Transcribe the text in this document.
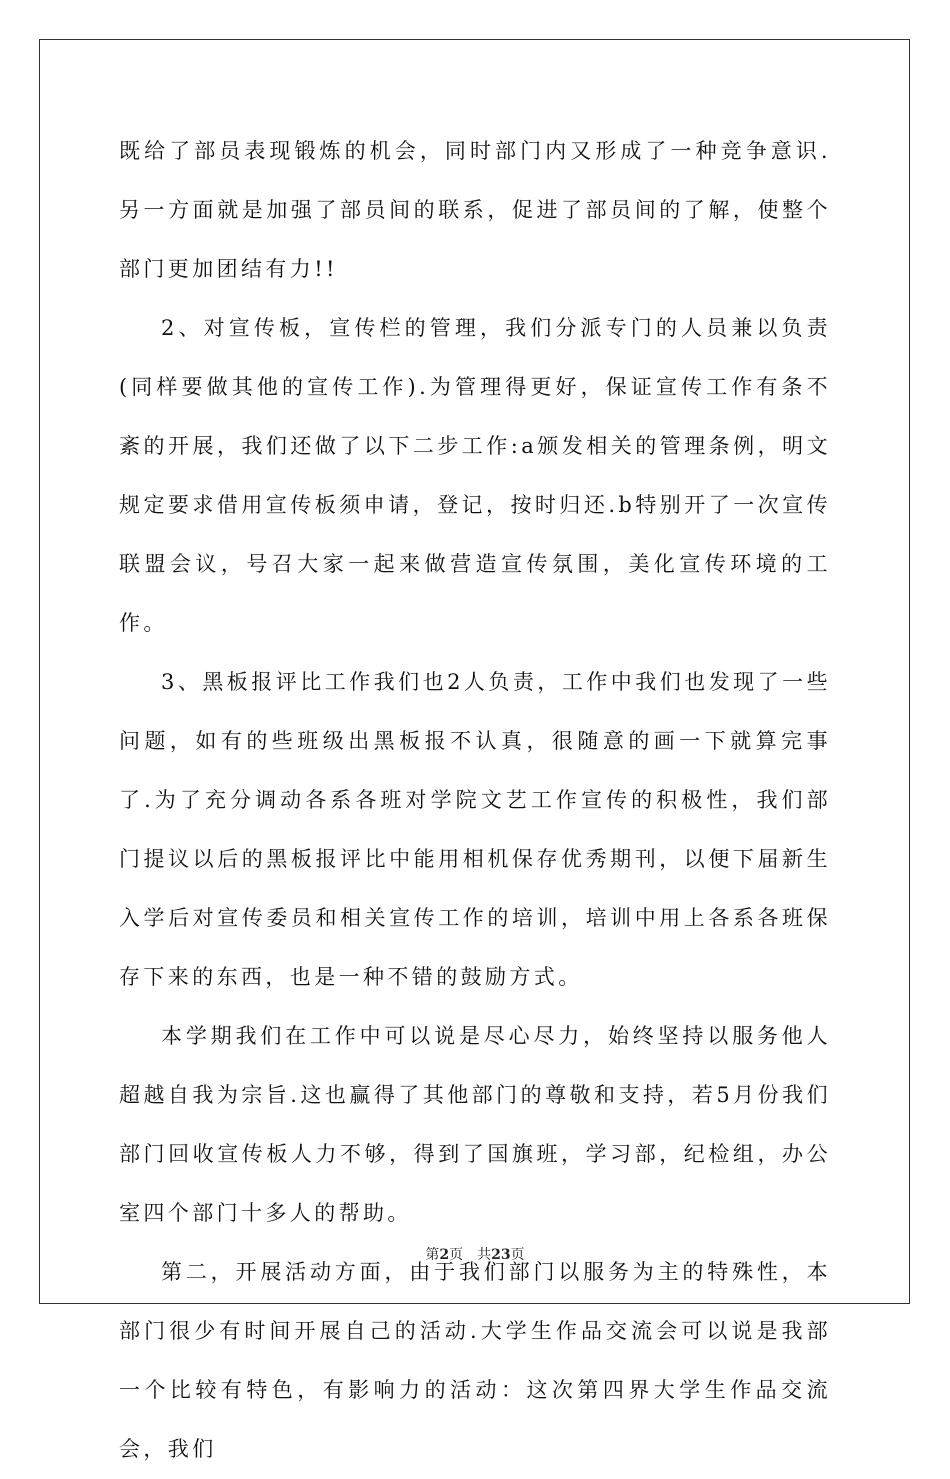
既给了部员表现锻炼的机会，同时部门内又形成了一种竞争意识.另一方面就是加强了部员间的联系，促进了部员间的了解，使整个部门更加团结有力!!

2、对宣传板，宣传栏的管理，我们分派专门的人员兼以负责(同样要做其他的宣传工作).为管理得更好，保证宣传工作有条不紊的开展，我们还做了以下二步工作:a颁发相关的管理条例，明文规定要求借用宣传板须申请，登记，按时归还.b特别开了一次宣传联盟会议，号召大家一起来做营造宣传氛围，美化宣传环境的工作。

3、黑板报评比工作我们也2人负责，工作中我们也发现了一些问题，如有的些班级出黑板报不认真，很随意的画一下就算完事了.为了充分调动各系各班对学院文艺工作宣传的积极性，我们部门提议以后的黑板报评比中能用相机保存优秀期刊，以便下届新生入学后对宣传委员和相关宣传工作的培训，培训中用上各系各班保存下来的东西，也是一种不错的鼓励方式。

本学期我们在工作中可以说是尽心尽力，始终坚持以服务他人超越自我为宗旨.这也赢得了其他部门的尊敬和支持，若5月份我们部门回收宣传板人力不够，得到了国旗班，学习部，纪检组，办公室四个部门十多人的帮助。

第二，开展活动方面，由于我们部门以服务为主的特殊性，本部门很少有时间开展自己的活动.大学生作品交流会可以说是我部一个比较有特色，有影响力的活动：这次第四界大学生作品交流会，我们

第2页 共23页
